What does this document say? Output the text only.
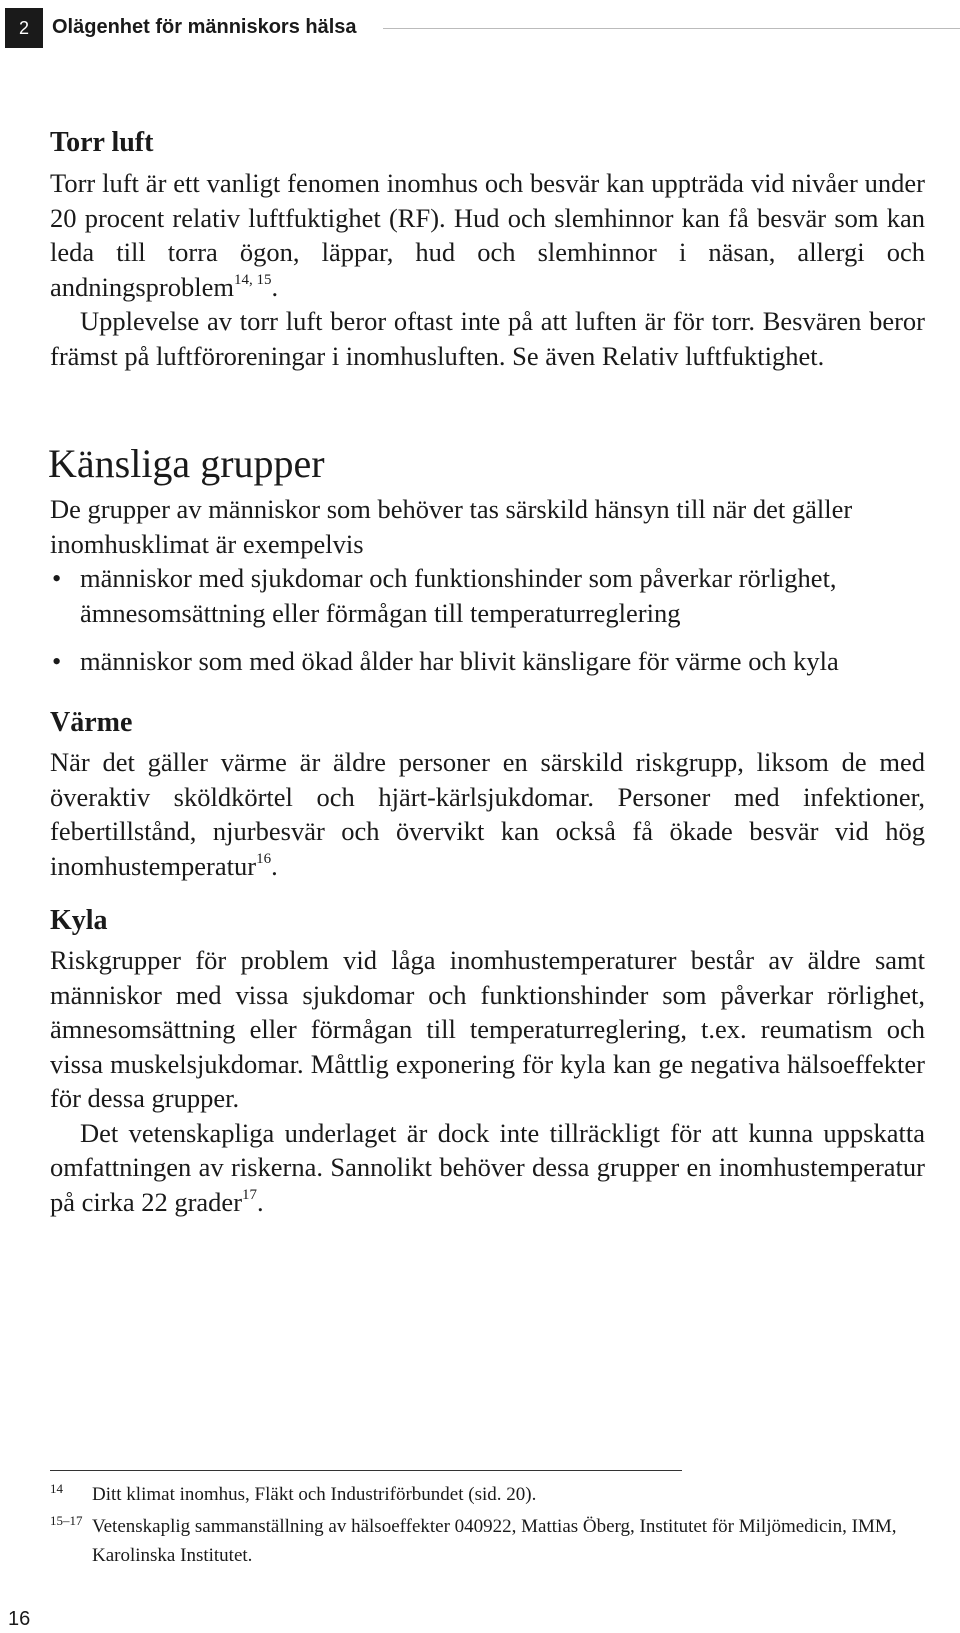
2	Olägenhet för människors hälsa
Torr luft

Torr luft är ett vanligt fenomen inomhus och besvär kan uppträda vid nivåer under 20 procent relativ luftfuktighet (RF). Hud och slemhinnor kan få besvär som kan leda till torra ögon, läppar, hud och slemhinnor i näsan, allergi och andningsproblem$^{14, 15}$.

Upplevelse av torr luft beror oftast inte på att luften är för torr. Besvären beror främst på luftföroreningar i inomhusluften. Se även Relativ luftfuktighet.

Känsliga grupper
De grupper av människor som behöver tas särskild hänsyn till när det gäller inomhusklimat är exempelvis
• människor med sjukdomar och funktionshinder som påverkar rörlighet, ämnesomsättning eller förmågan till temperaturreglering
• människor som med ökad ålder har blivit känsligare för värme och kyla
Värme

När det gäller värme är äldre personer en särskild riskgrupp, liksom de med överaktiv sköldkörtel och hjärt-kärlsjukdomar. Personer med infektioner, febertillstånd, njurbesvär och övervikt kan också få ökade besvär vid hög inomhustemperatur$^{16}$.

Kyla

Riskgrupper för problem vid låga inomhustemperaturer består av äldre samt människor med vissa sjukdomar och funktionshinder som påverkar rörlighet, ämnesomsättning eller förmågan till temperaturreglering, t.ex. reumatism och vissa muskelsjukdomar. Måttlig exponering för kyla kan ge negativa hälsoeffekter för dessa grupper.

Det vetenskapliga underlaget är dock inte tillräckligt för att kunna uppskatta omfattningen av riskerna. Sannolikt behöver dessa grupper en inomhustemperatur på cirka 22 grader$^{17}$.

14 Ditt klimat inomhus, Fläkt och Industriförbundet (sid. 20).
15–17 Vetenskaplig sammanställning av hälsoeffekter 040922, Mattias Öberg, Institutet för Miljömedicin, IMM, Karolinska Institutet.
16
